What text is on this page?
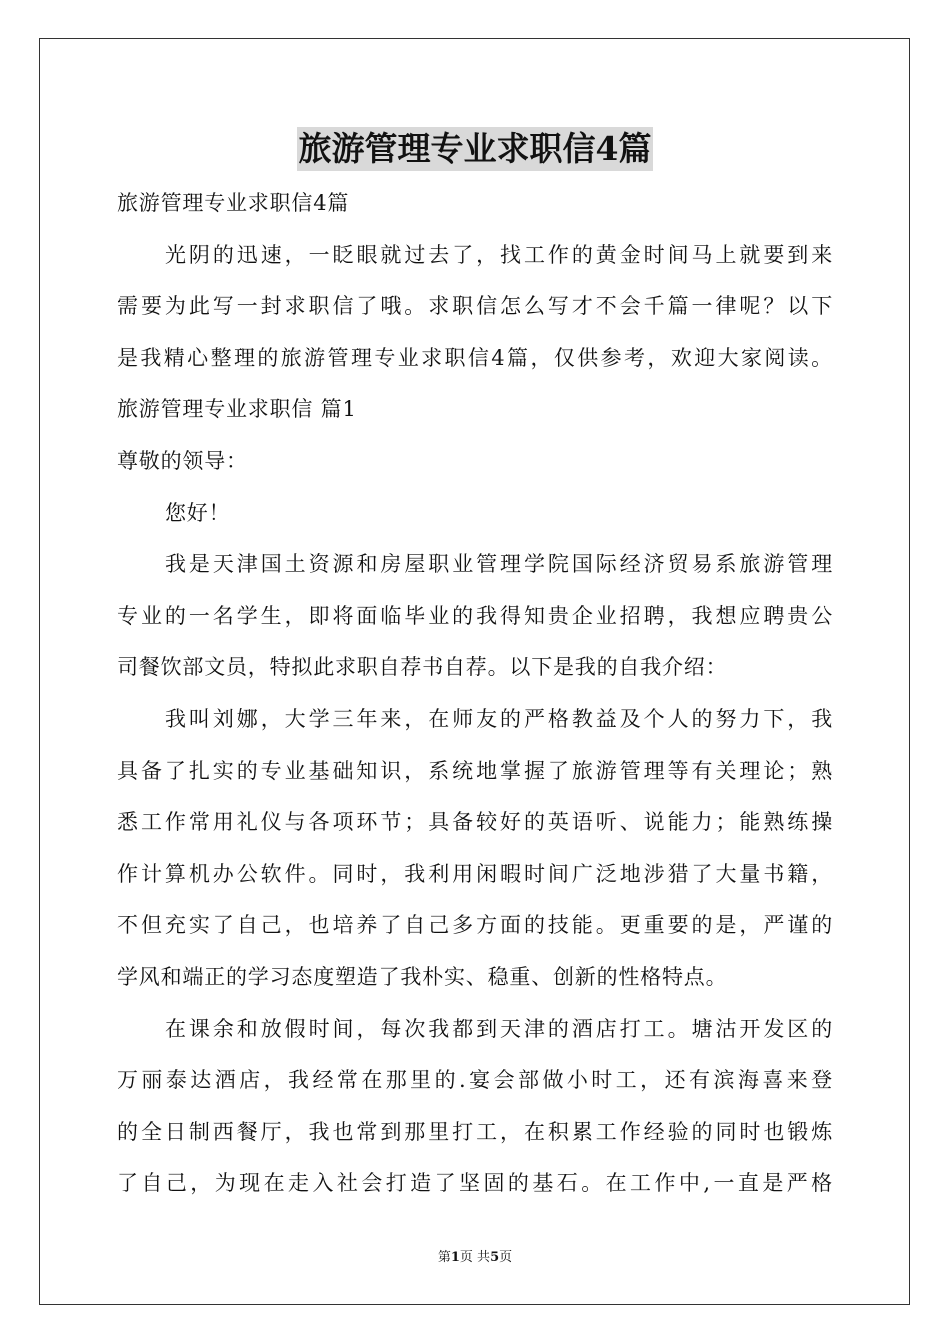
旅游管理专业求职信4篇
旅游管理专业求职信4篇
光阴的迅速，一眨眼就过去了，找工作的黄金时间马上就要到来
需要为此写一封求职信了哦。求职信怎么写才不会千篇一律呢？以下
是我精心整理的旅游管理专业求职信4篇，仅供参考，欢迎大家阅读。
旅游管理专业求职信 篇1
尊敬的领导：
您好！
我是天津国土资源和房屋职业管理学院国际经济贸易系旅游管理
专业的一名学生，即将面临毕业的我得知贵企业招聘，我想应聘贵公
司餐饮部文员，特拟此求职自荐书自荐。以下是我的自我介绍：
我叫刘娜，大学三年来，在师友的严格教益及个人的努力下，我
具备了扎实的专业基础知识，系统地掌握了旅游管理等有关理论；熟
悉工作常用礼仪与各项环节；具备较好的英语听、说能力；能熟练操
作计算机办公软件。同时，我利用闲暇时间广泛地涉猎了大量书籍，
不但充实了自己，也培养了自己多方面的技能。更重要的是，严谨的
学风和端正的学习态度塑造了我朴实、稳重、创新的性格特点。
在课余和放假时间，每次我都到天津的酒店打工。塘沽开发区的
万丽泰达酒店，我经常在那里的.宴会部做小时工，还有滨海喜来登
的全日制西餐厅，我也常到那里打工，在积累工作经验的同时也锻炼
了自己，为现在走入社会打造了坚固的基石。在工作中,一直是严格
第1页 共5页
